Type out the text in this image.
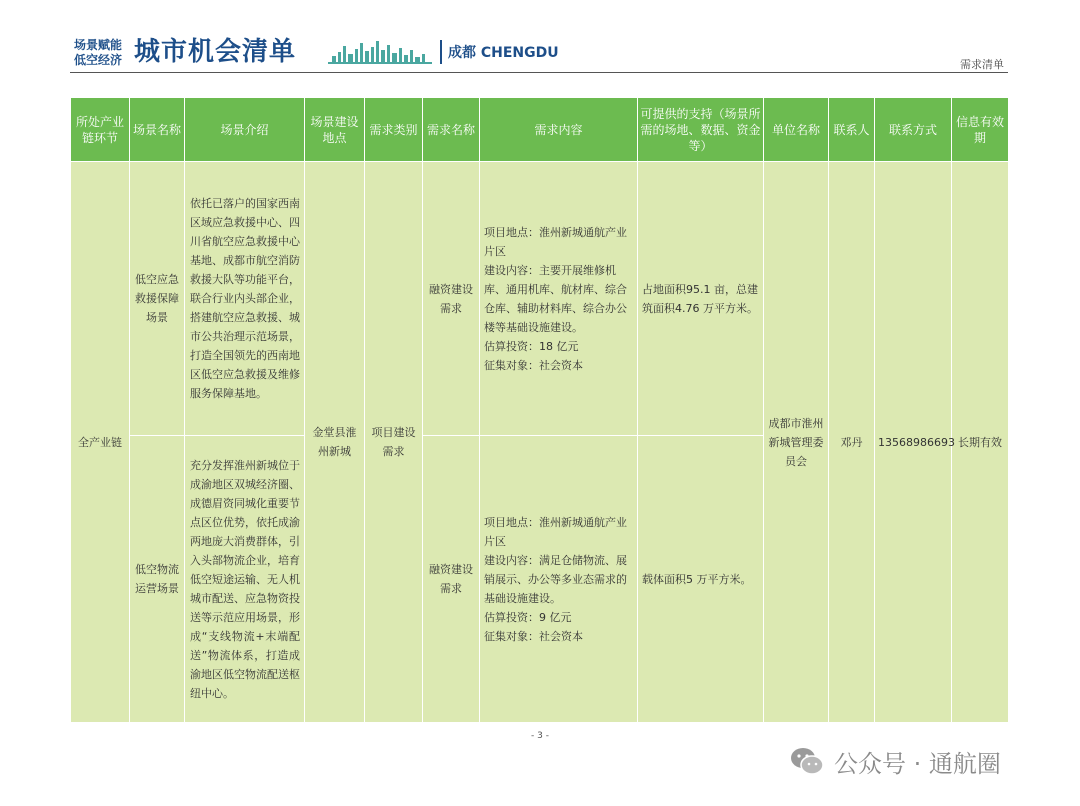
场景赋能
低空经济 城市机会清单	成都 CHENGDU
需求清单
所处产业链环节	场景名称	场景介绍	场景建设地点	需求类别	需求名称	需求内容	可提供的支持（场景所需的场地、数据、资金等）	单位名称	联系人	联系方式	信息有效期
全产业链	低空应急救援保障场景	依托已落户的国家西南区域应急救援中心、四川省航空应急救援中心基地、成都市航空消防救援大队等功能平台，联合行业内头部企业，搭建航空应急救援、城市公共治理示范场景，打造全国领先的西南地区低空应急救援及维修服务保障基地。	金堂县淮州新城	项目建设需求	融资建设需求	项目地点：淮州新城通航产业片区
建设内容：主要开展维修机库、通用机库、航材库、综合仓库、辅助材料库、综合办公楼等基础设施建设。
估算投资：18 亿元
征集对象：社会资本	占地面积95.1 亩，总建筑面积4.76 万平方米。	成都市淮州新城管理委员会	邓丹	13568986693	长期有效
	低空物流运营场景	充分发挥淮州新城位于成渝地区双城经济圈、成德眉资同城化重要节点区位优势，依托成渝两地庞大消费群体，引入头部物流企业，培育低空短途运输、无人机城市配送、应急物资投送等示范应用场景，形成“支线物流+末端配送”物流体系，打造成渝地区低空物流配送枢纽中心。			融资建设需求	项目地点：淮州新城通航产业片区
建设内容：满足仓储物流、展销展示、办公等多业态需求的基础设施建设。
估算投资：9 亿元
征集对象：社会资本	载体面积5 万平方米。				
- 3 -
公众号 · 通航圈
